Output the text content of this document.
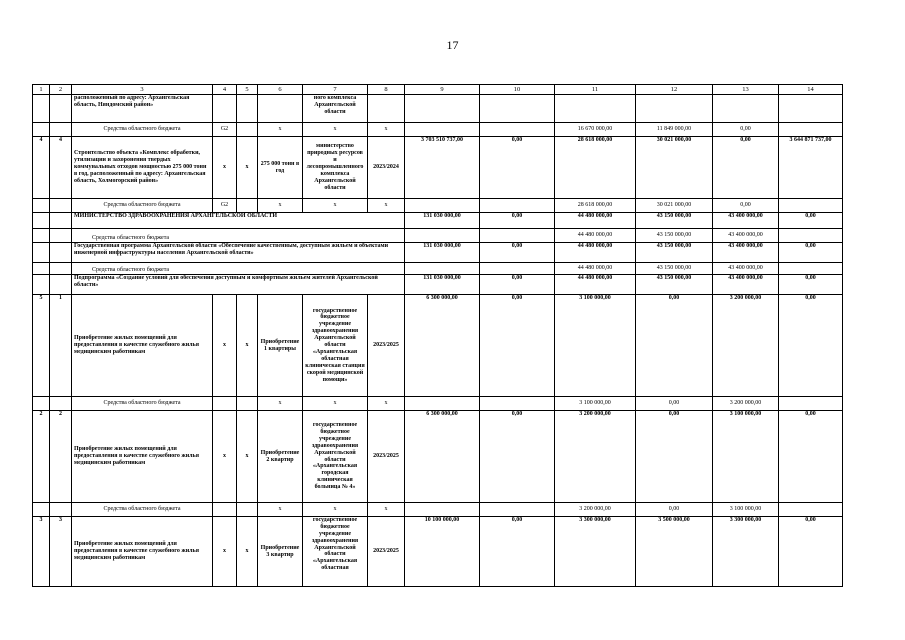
17
1	2	3	4	5	6	7	8	9	10	11	12	13	14
		расположенный по адресу: Архангельская область, Няндомский район»				ного комплекса Архангельской области							
		Средства областного бюджета	G2		х	х	х			16 670 000,00	11 849 000,00	0,00	
4	4	Строительство объекта «Комплекс обработки, утилизации и захоронения твердых коммунальных отходов мощностью 275 000 тонн в год, расположенный по адресу: Архангельская область, Холмогорский район»	х	х	275 000 тонн в год	министерство природных ресурсов и лесопромышленного комплекса Архангельской области	2023/2024	3 703 510 737,00	0,00	28 618 000,00	30 021 000,00	0,00	3 644 871 737,00
		Средства областного бюджета	G2		х	х	х			28 618 000,00	30 021 000,00	0,00	
		МИНИСТЕРСТВО ЗДРАВООХРАНЕНИЯ АРХАНГЕЛЬСКОЙ ОБЛАСТИ						131 030 000,00	0,00	44 480 000,00	43 150 000,00	43 400 000,00	0,00
		Средства областного бюджета								44 480 000,00	43 150 000,00	43 400 000,00	
		Государственная программа Архангельской области «Обеспечение качественным, доступным жильем и объектами инженерной инфраструктуры населения Архангельской области»						131 030 000,00	0,00	44 480 000,00	43 150 000,00	43 400 000,00	0,00
		Средства областного бюджета								44 480 000,00	43 150 000,00	43 400 000,00	
		Подпрограмма «Создание условий для обеспечения доступным и комфортным жильем жителей Архангельской области»						131 030 000,00	0,00	44 480 000,00	43 150 000,00	43 400 000,00	0,00
5	1	Приобретение жилых помещений для предоставления в качестве служебного жилья медицинским работникам	х	х	Приобретение 1 квартиры	государственное бюджетное учреждение здравоохранения Архангельской области «Архангельская областная клиническая станция скорой медицинской помощи»	2023/2025	6 300 000,00	0,00	3 100 000,00	0,00	3 200 000,00	0,00
		Средства областного бюджета			х	х	х			3 100 000,00	0,00	3 200 000,00	
2	2	Приобретение жилых помещений для предоставления в качестве служебного жилья медицинским работникам	х	х	Приобретение 2 квартир	государственное бюджетное учреждение здравоохранения Архангельской области «Архангельская городская клиническая больница № 4»	2023/2025	6 300 000,00	0,00	3 200 000,00	0,00	3 100 000,00	0,00
		Средства областного бюджета			х	х	х			3 200 000,00	0,00	3 100 000,00	
3	3	Приобретение жилых помещений для предоставления в качестве служебного жилья медицинским работникам	х	х	Приобретение 3 квартир	государственное бюджетное учреждение здравоохранения Архангельской области «Архангельская областная	2023/2025	10 100 000,00	0,00	3 300 000,00	3 500 000,00	3 300 000,00	0,00
